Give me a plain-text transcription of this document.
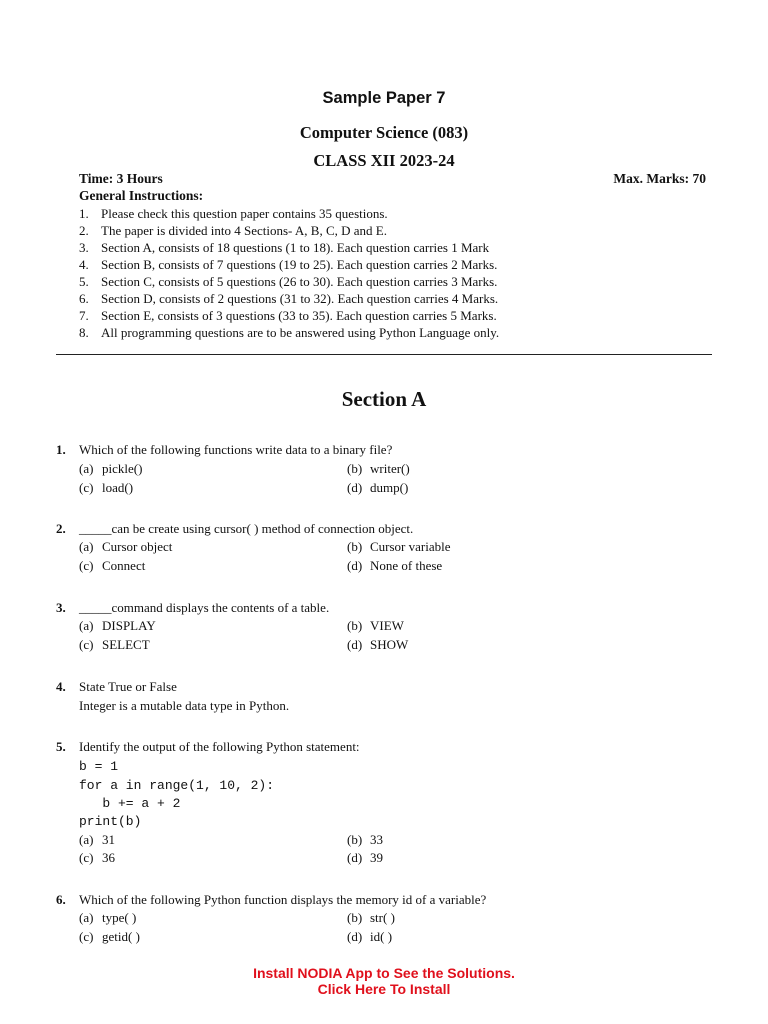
Sample Paper 7
Computer Science (083)
CLASS XII 2023-24
Time: 3 Hours	Max. Marks: 70
General Instructions:
1. Please check this question paper contains 35 questions.
2. The paper is divided into 4 Sections- A, B, C, D and E.
3. Section A, consists of 18 questions (1 to 18). Each question carries 1 Mark
4. Section B, consists of 7 questions (19 to 25). Each question carries 2 Marks.
5. Section C, consists of 5 questions (26 to 30). Each question carries 3 Marks.
6. Section D, consists of 2 questions (31 to 32). Each question carries 4 Marks.
7. Section E, consists of 3 questions (33 to 35). Each question carries 5 Marks.
8. All programming questions are to be answered using Python Language only.
Section A
1. Which of the following functions write data to a binary file?
(a) pickle()	(b) writer()
(c) load()	(d) dump()
2. _____can be create using cursor( ) method of connection object.
(a) Cursor object	(b) Cursor variable
(c) Connect	(d) None of these
3. _____command displays the contents of a table.
(a) DISPLAY	(b) VIEW
(c) SELECT	(d) SHOW
4. State True or False
Integer is a mutable data type in Python.
5. Identify the output of the following Python statement:
b = 1
for a in range(1, 10, 2):
b += a + 2
print(b)
(a) 31	(b) 33
(c) 36	(d) 39
6. Which of the following Python function displays the memory id of a variable?
(a) type( )	(b) str( )
(c) getid( )	(d) id( )
Install NODIA App to See the Solutions.
Click Here To Install
